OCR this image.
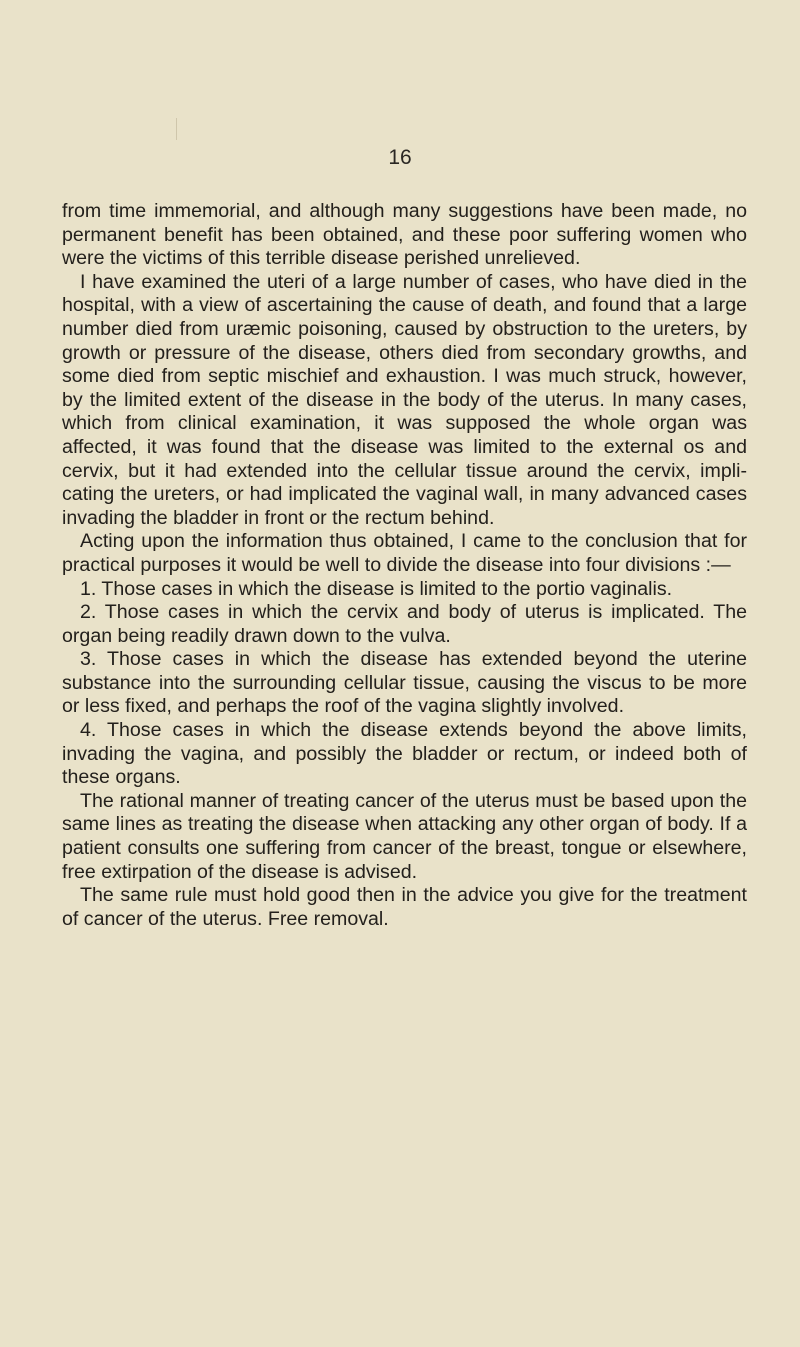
16

from time immemorial, and although many suggestions have been made, no permanent benefit has been obtained, and these poor suffering women who were the victims of this terrible disease perished unrelieved.

I have examined the uteri of a large number of cases, who have died in the hospital, with a view of ascertaining the cause of death, and found that a large number died from uræmic poisoning, caused by obstruction to the ureters, by growth or pressure of the disease, others died from secondary growths, and some died from septic mischief and exhaustion. I was much struck, however, by the limited extent of the disease in the body of the uterus. In many cases, which from clinical examination, it was supposed the whole organ was affected, it was found that the disease was limited to the external os and cervix, but it had extended into the cellular tissue around the cervix, impli- cating the ureters, or had implicated the vaginal wall, in many advanced cases invading the bladder in front or the rectum behind.

Acting upon the information thus obtained, I came to the conclusion that for practical purposes it would be well to divide the disease into four divisions :—

1. Those cases in which the disease is limited to the portio vaginalis.

2. Those cases in which the cervix and body of uterus is implicated. The organ being readily drawn down to the vulva.

3. Those cases in which the disease has extended beyond the uterine substance into the surrounding cellular tissue, causing the viscus to be more or less fixed, and perhaps the roof of the vagina slightly involved.

4. Those cases in which the disease extends beyond the above limits, invading the vagina, and possibly the bladder or rectum, or indeed both of these organs.

The rational manner of treating cancer of the uterus must be based upon the same lines as treating the disease when attacking any other organ of body. If a patient consults one suffering from cancer of the breast, tongue or elsewhere, free extirpation of the disease is advised.

The same rule must hold good then in the advice you give for the treatment of cancer of the uterus. Free removal.
